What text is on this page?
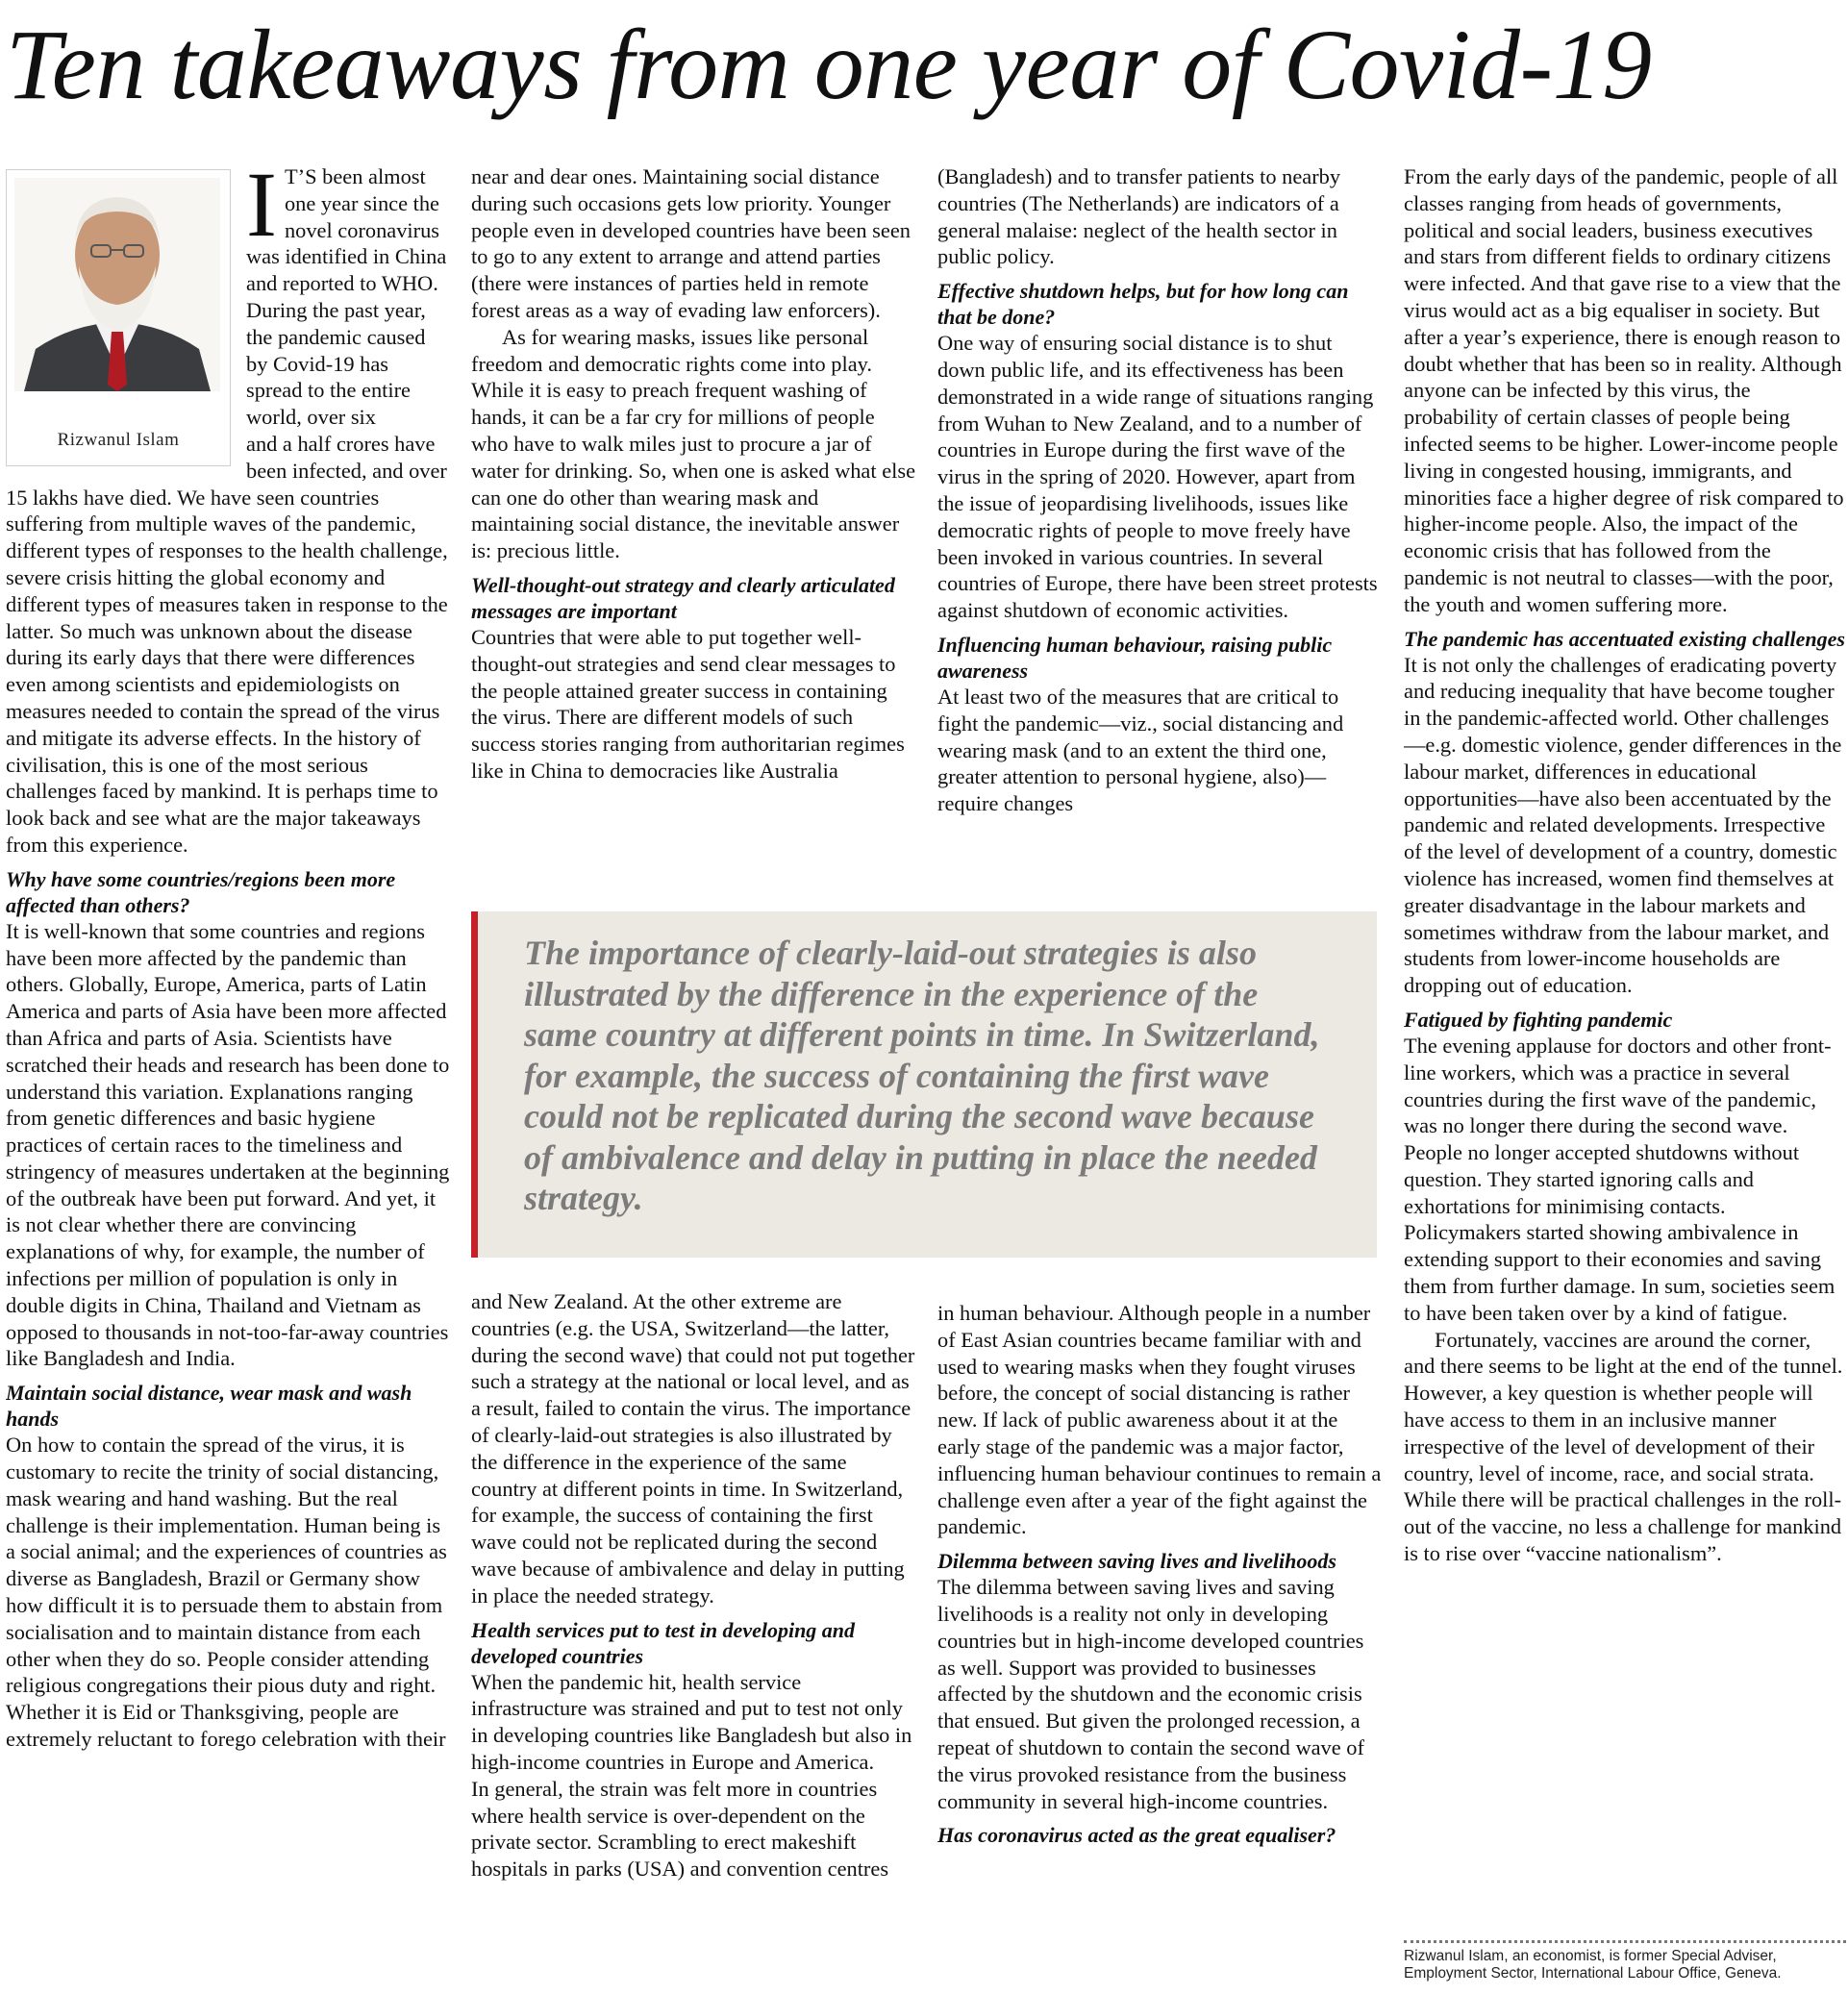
Ten takeaways from one year of Covid-19
Rizwanul Islam

I T’S been almost one year since the novel coronavirus was identified in China and reported to WHO. During the past year, the pandemic caused by Covid-19 has spread to the entire world, over six

and a half crores have been infected, and over 15 lakhs have died. We have seen countries suffering from multiple waves of the pandemic, different types of responses to the health challenge, severe crisis hitting the global economy and different types of measures taken in response to the latter. So much was unknown about the disease during its early days that there were differences even among scientists and epidemiologists on measures needed to contain the spread of the virus and mitigate its adverse effects. In the history of civilisation, this is one of the most serious challenges faced by mankind. It is perhaps time to look back and see what are the major takeaways from this experience.

Why have some countries/regions been more affected than others?

It is well-known that some countries and regions have been more affected by the pandemic than others. Globally, Europe, America, parts of Latin America and parts of Asia have been more affected than Africa and parts of Asia. Scientists have scratched their heads and research has been done to understand this variation. Explanations ranging from genetic differences and basic hygiene practices of certain races to the timeliness and stringency of measures undertaken at the beginning of the outbreak have been put forward. And yet, it is not clear whether there are convincing explanations of why, for example, the number of infections per million of population is only in double digits in China, Thailand and Vietnam as opposed to thousands in not-too-far-away countries like Bangladesh and India.

Maintain social distance, wear mask and wash hands

On how to contain the spread of the virus, it is customary to recite the trinity of social distancing, mask wearing and hand washing. But the real challenge is their implementation. Human being is a social animal; and the experiences of countries as diverse as Bangladesh, Brazil or Germany show how difficult it is to persuade them to abstain from socialisation and to maintain distance from each other when they do so. People consider attending religious congregations their pious duty and right. Whether it is Eid or Thanksgiving, people are extremely reluctant to forego celebration with their

near and dear ones. Maintaining social distance during such occasions gets low priority. Younger people even in developed countries have been seen to go to any extent to arrange and attend parties (there were instances of parties held in remote forest areas as a way of evading law enforcers).

As for wearing masks, issues like personal freedom and democratic rights come into play. While it is easy to preach frequent washing of hands, it can be a far cry for millions of people who have to walk miles just to procure a jar of water for drinking. So, when one is asked what else can one do other than wearing mask and maintaining social distance, the inevitable answer is: precious little.

Well-thought-out strategy and clearly articulated messages are important

Countries that were able to put together well-thought-out strategies and send clear messages to the people attained greater success in containing the virus. There are different models of such success stories ranging from authoritarian regimes like in China to democracies like Australia

(Bangladesh) and to transfer patients to nearby countries (The Netherlands) are indicators of a general malaise: neglect of the health sector in public policy.

Effective shutdown helps, but for how long can that be done?

One way of ensuring social distance is to shut down public life, and its effectiveness has been demonstrated in a wide range of situations ranging from Wuhan to New Zealand, and to a number of countries in Europe during the first wave of the virus in the spring of 2020. However, apart from the issue of jeopardising livelihoods, issues like democratic rights of people to move freely have been invoked in various countries. In several countries of Europe, there have been street protests against shutdown of economic activities.

Influencing human behaviour, raising public awareness

At least two of the measures that are critical to fight the pandemic—viz., social distancing and wearing mask (and to an extent the third one, greater attention to personal hygiene, also)—require changes

The importance of clearly-laid-out strategies is also illustrated by the difference in the experience of the same country at different points in time. In Switzerland, for example, the success of containing the first wave could not be replicated during the second wave because of ambivalence and delay in putting in place the needed strategy.

and New Zealand. At the other extreme are countries (e.g. the USA, Switzerland—the latter, during the second wave) that could not put together such a strategy at the national or local level, and as a result, failed to contain the virus. The importance of clearly-laid-out strategies is also illustrated by the difference in the experience of the same country at different points in time. In Switzerland, for example, the success of containing the first wave could not be replicated during the second wave because of ambivalence and delay in putting in place the needed strategy.

Health services put to test in developing and developed countries

When the pandemic hit, health service infrastructure was strained and put to test not only in developing countries like Bangladesh but also in high-income countries in Europe and America.

In general, the strain was felt more in countries where health service is over-dependent on the private sector. Scrambling to erect makeshift hospitals in parks (USA) and convention centres

in human behaviour. Although people in a number of East Asian countries became familiar with and used to wearing masks when they fought viruses before, the concept of social distancing is rather new. If lack of public awareness about it at the early stage of the pandemic was a major factor, influencing human behaviour continues to remain a challenge even after a year of the fight against the pandemic.

Dilemma between saving lives and livelihoods

The dilemma between saving lives and saving livelihoods is a reality not only in developing countries but in high-income developed countries as well. Support was provided to businesses affected by the shutdown and the economic crisis that ensued. But given the prolonged recession, a repeat of shutdown to contain the second wave of the virus provoked resistance from the business community in several high-income countries.

Has coronavirus acted as the great equaliser?

From the early days of the pandemic, people of all classes ranging from heads of governments, political and social leaders, business executives and stars from different fields to ordinary citizens were infected. And that gave rise to a view that the virus would act as a big equaliser in society. But after a year’s experience, there is enough reason to doubt whether that has been so in reality. Although anyone can be infected by this virus, the probability of certain classes of people being infected seems to be higher. Lower-income people living in congested housing, immigrants, and minorities face a higher degree of risk compared to higher-income people. Also, the impact of the economic crisis that has followed from the pandemic is not neutral to classes—with the poor, the youth and women suffering more.

The pandemic has accentuated existing challenges

It is not only the challenges of eradicating poverty and reducing inequality that have become tougher in the pandemic-affected world. Other challenges—e.g. domestic violence, gender differences in the labour market, differences in educational opportunities—have also been accentuated by the pandemic and related developments. Irrespective of the level of development of a country, domestic violence has increased, women find themselves at greater disadvantage in the labour markets and sometimes withdraw from the labour market, and students from lower-income households are dropping out of education.

Fatigued by fighting pandemic

The evening applause for doctors and other front-line workers, which was a practice in several countries during the first wave of the pandemic, was no longer there during the second wave. People no longer accepted shutdowns without question. They started ignoring calls and exhortations for minimising contacts. Policymakers started showing ambivalence in extending support to their economies and saving them from further damage. In sum, societies seem to have been taken over by a kind of fatigue.

Fortunately, vaccines are around the corner, and there seems to be light at the end of the tunnel. However, a key question is whether people will have access to them in an inclusive manner irrespective of the level of development of their country, level of income, race, and social strata. While there will be practical challenges in the roll-out of the vaccine, no less a challenge for mankind is to rise over “vaccine nationalism”.

Rizwanul Islam, an economist, is former Special Adviser, Employment Sector, International Labour Office, Geneva.
